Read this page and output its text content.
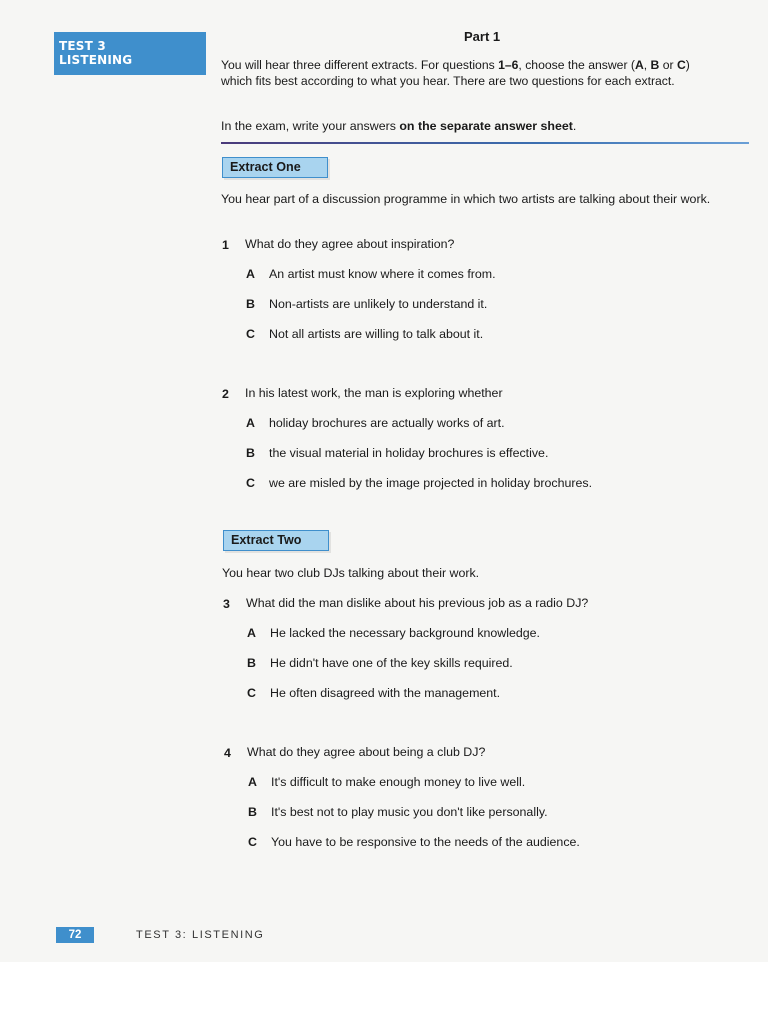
TEST 3
LISTENING
Part 1
You will hear three different extracts. For questions 1–6, choose the answer (A, B or C) which fits best according to what you hear. There are two questions for each extract.
In the exam, write your answers on the separate answer sheet.
Extract One
You hear part of a discussion programme in which two artists are talking about their work.
1 What do they agree about inspiration?
A An artist must know where it comes from.
B Non-artists are unlikely to understand it.
C Not all artists are willing to talk about it.
2 In his latest work, the man is exploring whether
A holiday brochures are actually works of art.
B the visual material in holiday brochures is effective.
C we are misled by the image projected in holiday brochures.
Extract Two
You hear two club DJs talking about their work.
3 What did the man dislike about his previous job as a radio DJ?
A He lacked the necessary background knowledge.
B He didn't have one of the key skills required.
C He often disagreed with the management.
4 What do they agree about being a club DJ?
A It's difficult to make enough money to live well.
B It's best not to play music you don't like personally.
C You have to be responsive to the needs of the audience.
72	TEST 3: LISTENING
